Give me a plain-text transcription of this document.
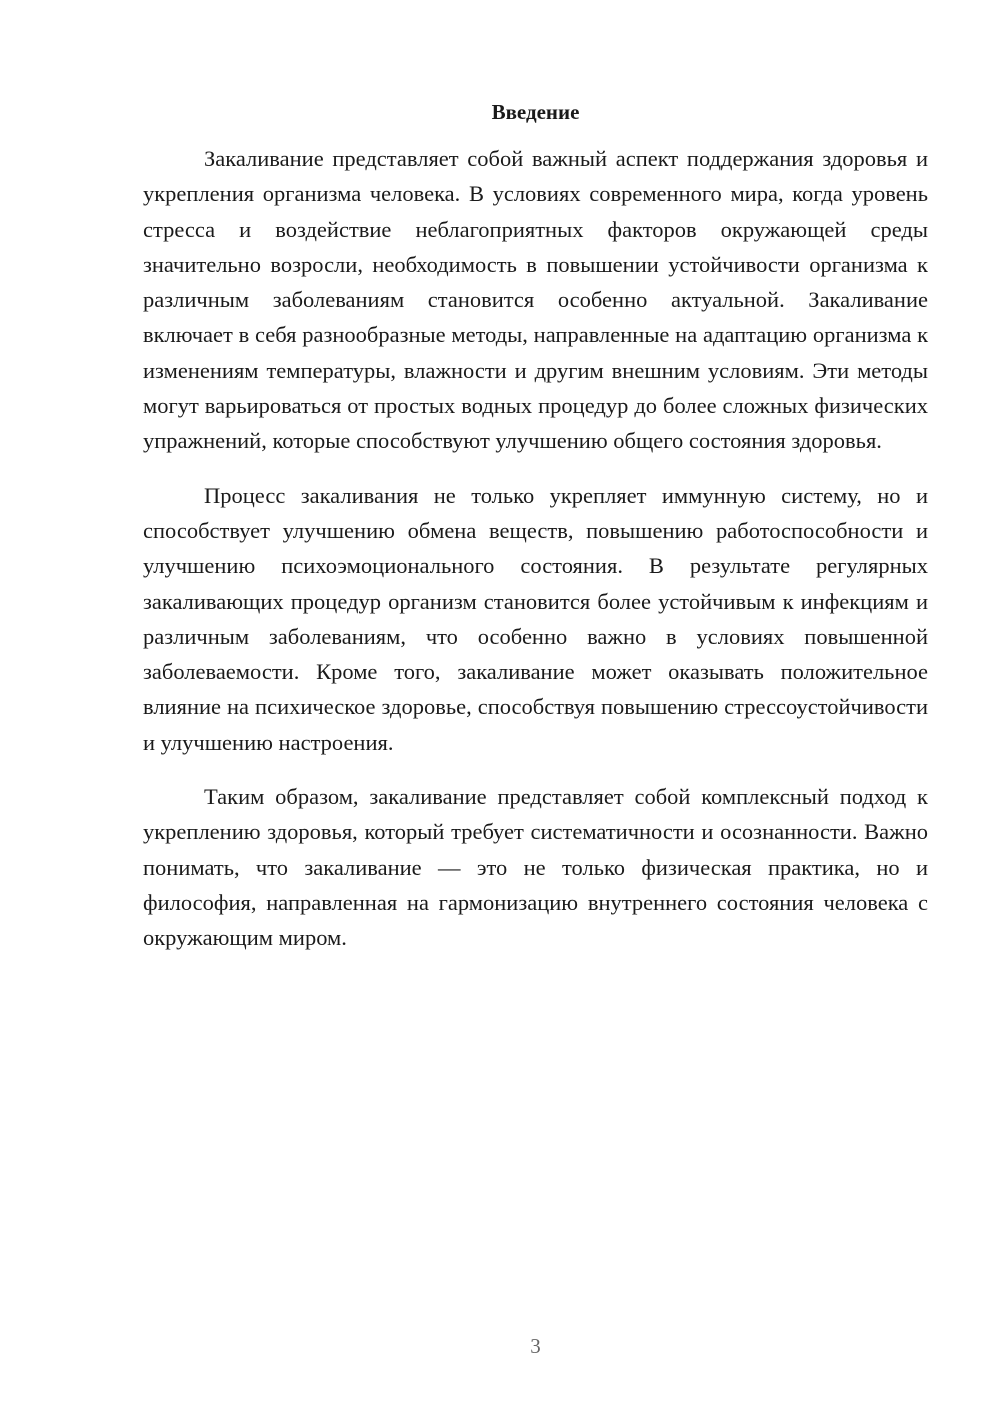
Введение

Закаливание представляет собой важный аспект поддержания здоровья и укрепления организма человека. В условиях современного мира, когда уровень стресса и воздействие неблагоприятных факторов окружающей среды значительно возросли, необходимость в повышении устойчивости организма к различным заболеваниям становится особенно актуальной. Закаливание включает в себя разнообразные методы, направленные на адаптацию организма к изменениям температуры, влажности и другим внешним условиям. Эти методы могут варьироваться от простых водных процедур до более сложных физических упражнений, которые способствуют улучшению общего состояния здоровья.

Процесс закаливания не только укрепляет иммунную систему, но и способствует улучшению обмена веществ, повышению работоспособности и улучшению психоэмоционального состояния. В результате регулярных закаливающих процедур организм становится более устойчивым к инфекциям и различным заболеваниям, что особенно важно в условиях повышенной заболеваемости. Кроме того, закаливание может оказывать положительное влияние на психическое здоровье, способствуя повышению стрессоустойчивости и улучшению настроения.

Таким образом, закаливание представляет собой комплексный подход к укреплению здоровья, который требует систематичности и осознанности. Важно понимать, что закаливание — это не только физическая практика, но и философия, направленная на гармонизацию внутреннего состояния человека с окружающим миром.

3
